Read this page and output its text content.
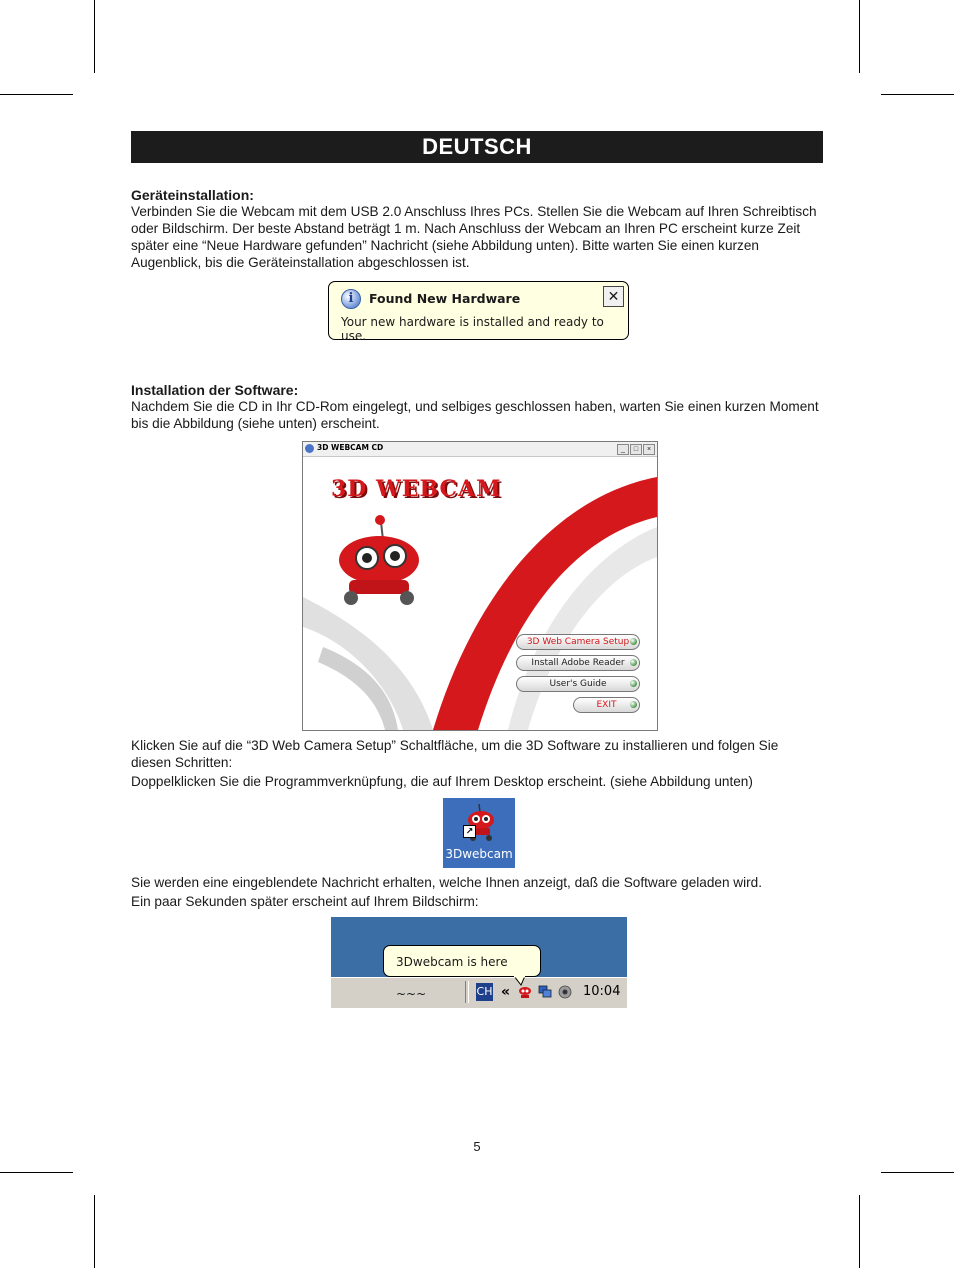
DEUTSCH
Geräteinstallation:
Verbinden Sie die Webcam mit dem USB 2.0 Anschluss Ihres PCs. Stellen Sie die Webcam auf Ihren Schreibtisch oder Bildschirm. Der beste Abstand beträgt 1 m. Nach Anschluss der Webcam an Ihren PC erscheint kurze Zeit später eine “Neue Hardware gefunden” Nachricht (siehe Abbildung unten). Bitte warten Sie einen kurzen Augenblick, bis die Geräteinstallation abgeschlossen ist.
i	Found New Hardware	✕
Your new hardware is installed and ready to use.
Installation der Software:
Nachdem Sie die CD in Ihr CD-Rom eingelegt, und selbiges geschlossen haben, warten Sie einen kurzen Moment bis die Abbildung (siehe unten) erscheint.
3D WEBCAM CD	_	□	×
3D WEBCAM
3D Web Camera Setup
Install Adobe Reader
User's Guide
EXIT
Klicken Sie auf die “3D Web Camera Setup” Schaltfläche, um die 3D Software zu installieren und folgen Sie diesen Schritten:
Doppelklicken Sie die Programmverknüpfung, die auf Ihrem Desktop erscheint. (siehe Abbildung unten)
↗
3Dwebcam
Sie werden eine eingeblendete Nachricht erhalten, welche Ihnen anzeigt, daß die Software geladen wird.
Ein paar Sekunden später erscheint auf Ihrem Bildschirm:
CH «	10:04
3Dwebcam is here ~~~
5
